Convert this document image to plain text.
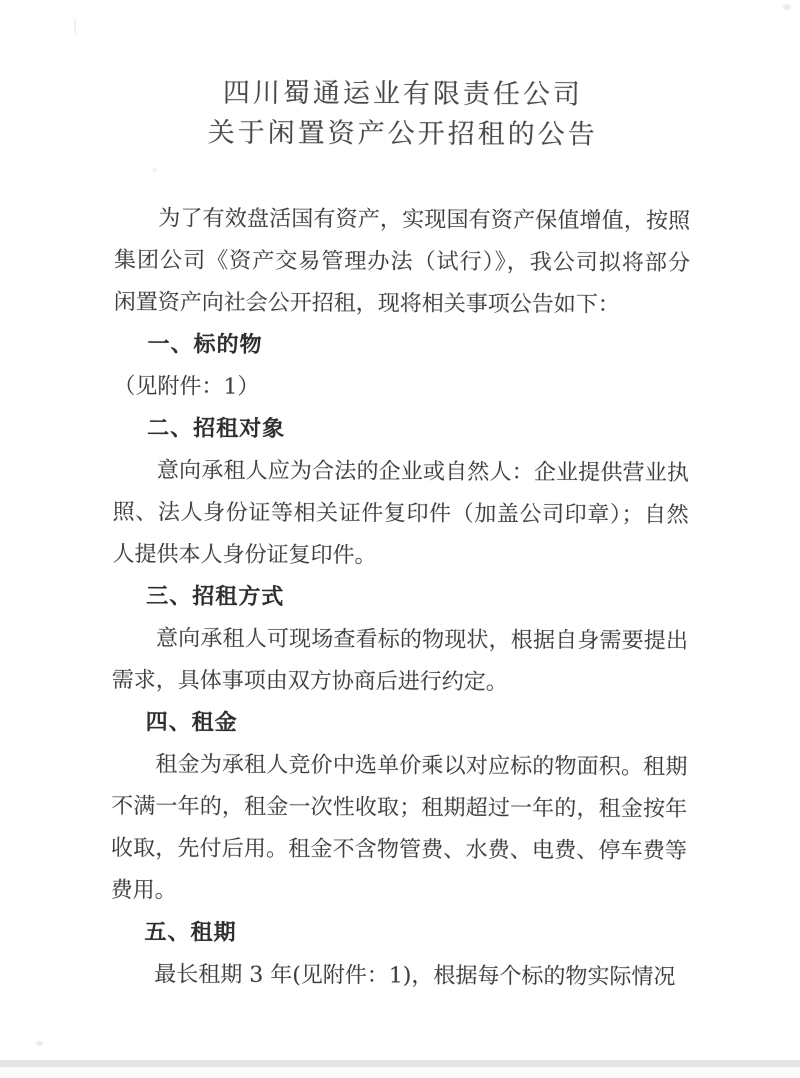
四川蜀通运业有限责任公司
关于闲置资产公开招租的公告
为了有效盘活国有资产，实现国有资产保值增值，按照
集团公司《资产交易管理办法（试行）》，我公司拟将部分
闲置资产向社会公开招租，现将相关事项公告如下：
一、标的物
（见附件：1）
二、招租对象
意向承租人应为合法的企业或自然人：企业提供营业执
照、法人身份证等相关证件复印件（加盖公司印章）；自然
人提供本人身份证复印件。
三、招租方式
意向承租人可现场查看标的物现状，根据自身需要提出
需求，具体事项由双方协商后进行约定。
四、租金
租金为承租人竞价中选单价乘以对应标的物面积。租期
不满一年的，租金一次性收取；租期超过一年的，租金按年
收取，先付后用。租金不含物管费、水费、电费、停车费等
费用。
五、租期
最长租期 3 年(见附件：1)，根据每个标的物实际情况
